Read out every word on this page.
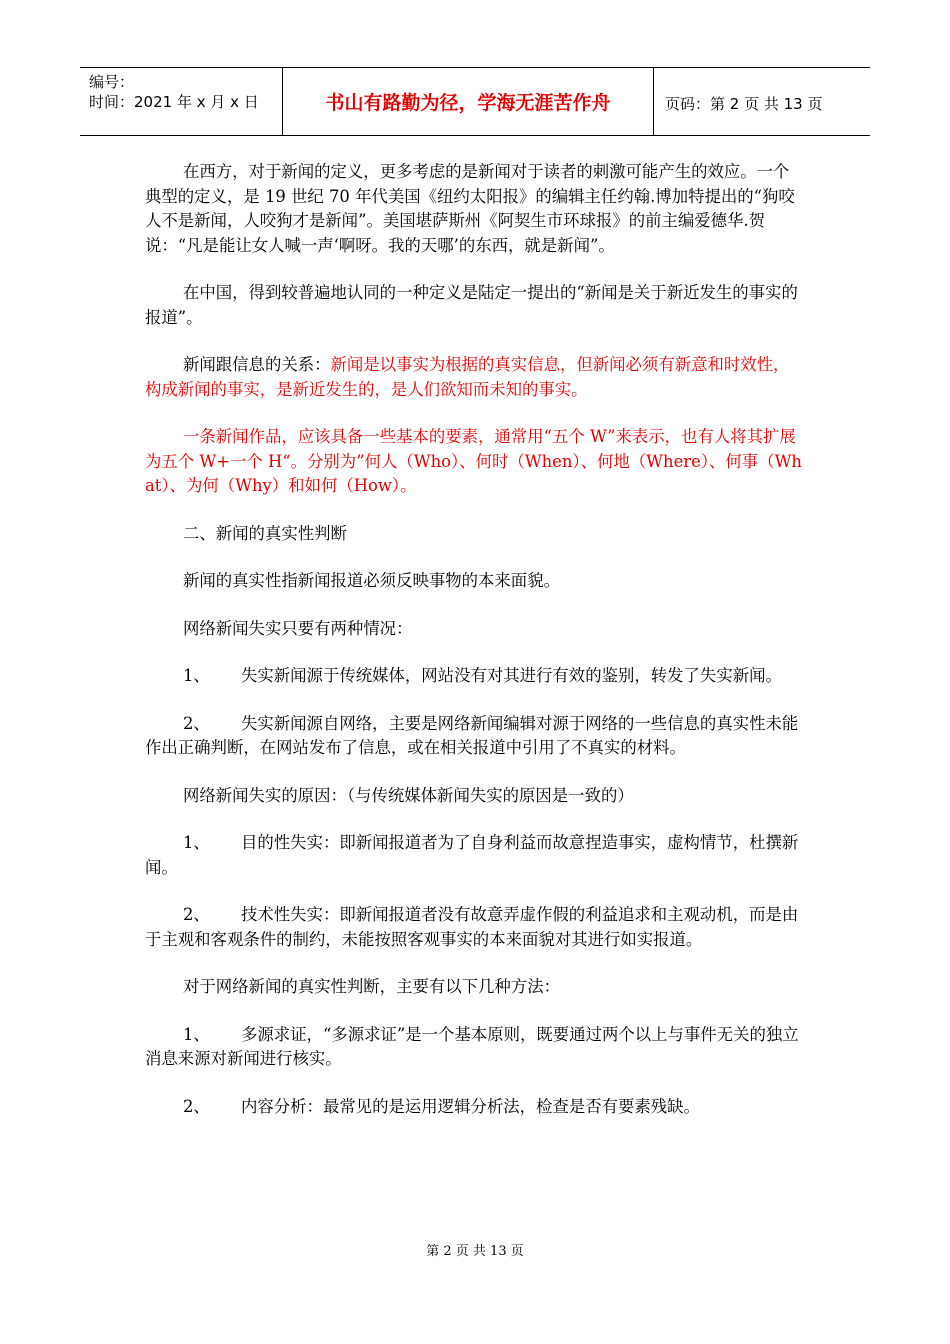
编号：
时间：2021 年 x 月 x 日	书山有路勤为径，学海无涯苦作舟	页码：第 2 页 共 13 页

在西方，对于新闻的定义，更多考虑的是新闻对于读者的刺激可能产生的效应。一个典型的定义，是 19 世纪 70 年代美国《纽约太阳报》的编辑主任约翰.博加特提出的“狗咬人不是新闻，人咬狗才是新闻”。美国堪萨斯州《阿契生市环球报》的前主编爱德华.贺说：“凡是能让女人喊一声‘啊呀。我的天哪’的东西，就是新闻”。

在中国，得到较普遍地认同的一种定义是陆定一提出的“新闻是关于新近发生的事实的报道”。

新闻跟信息的关系：新闻是以事实为根据的真实信息，但新闻必须有新意和时效性，构成新闻的事实，是新近发生的，是人们欲知而未知的事实。

一条新闻作品，应该具备一些基本的要素，通常用“五个 W”来表示，也有人将其扩展为五个 W+一个 H“。分别为”何人（Who）、何时（When）、何地（Where）、何事（What）、为何（Why）和如何（How）。

二、新闻的真实性判断

新闻的真实性指新闻报道必须反映事物的本来面貌。

网络新闻失实只要有两种情况：

1、 失实新闻源于传统媒体，网站没有对其进行有效的鉴别，转发了失实新闻。

2、 失实新闻源自网络，主要是网络新闻编辑对源于网络的一些信息的真实性未能作出正确判断，在网站发布了信息，或在相关报道中引用了不真实的材料。

网络新闻失实的原因：（与传统媒体新闻失实的原因是一致的）

1、 目的性失实：即新闻报道者为了自身利益而故意捏造事实，虚构情节，杜撰新闻。

2、 技术性失实：即新闻报道者没有故意弄虚作假的利益追求和主观动机，而是由于主观和客观条件的制约，未能按照客观事实的本来面貌对其进行如实报道。

对于网络新闻的真实性判断，主要有以下几种方法：

1、 多源求证，“多源求证”是一个基本原则，既要通过两个以上与事件无关的独立消息来源对新闻进行核实。

2、 内容分析：最常见的是运用逻辑分析法，检查是否有要素残缺。

第 2 页 共 13 页
